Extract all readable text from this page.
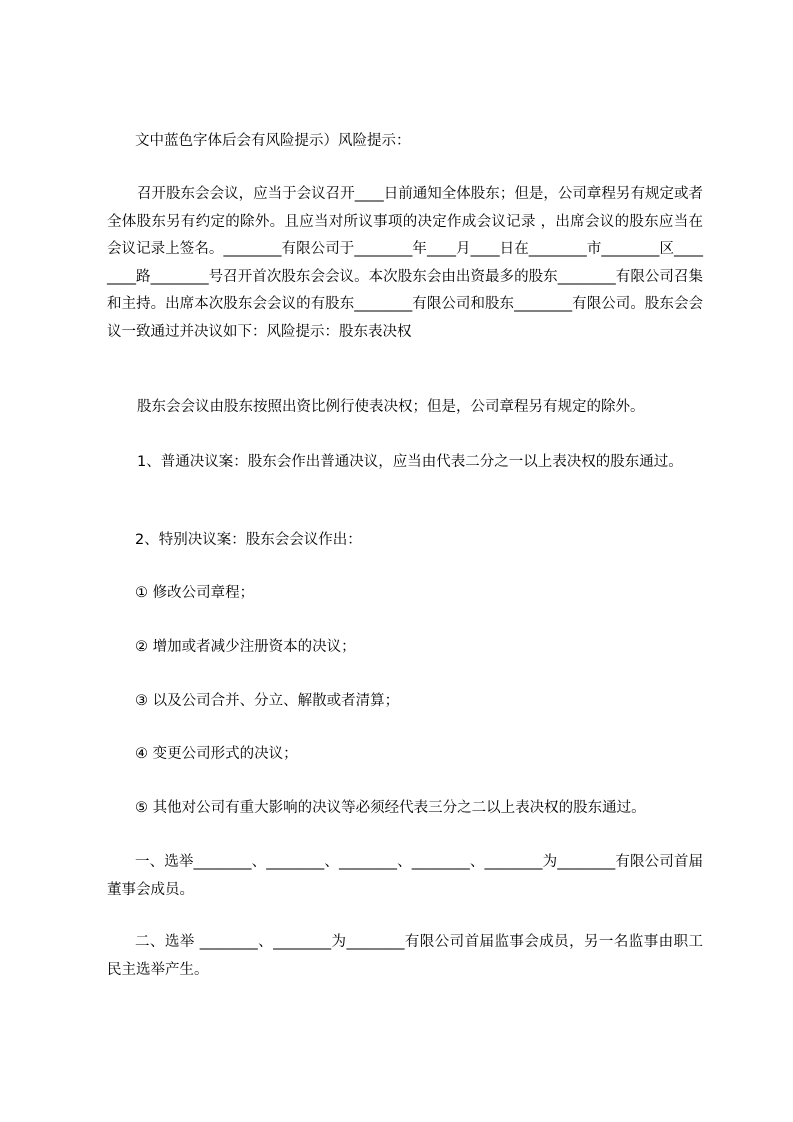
文中蓝色字体后会有风险提示）风险提示：

召开股东会会议，应当于会议召开____日前通知全体股东；但是，公司章程另有规定或者全体股东另有约定的除外。且应当对所议事项的决定作成会议记录 ，出席会议的股东应当在会议记录上签名。________有限公司于________年____月____日在________市________区________路________号召开首次股东会会议。本次股东会由出资最多的股东________有限公司召集和主持。出席本次股东会会议的有股东________有限公司和股东________有限公司。股东会会议一致通过并决议如下：风险提示：股东表决权

股东会会议由股东按照出资比例行使表决权；但是，公司章程另有规定的除外。

1、普通决议案：股东会作出普通决议，应当由代表二分之一以上表决权的股东通过。

2、特别决议案：股东会会议作出：

① 修改公司章程；

② 增加或者减少注册资本的决议；

③ 以及公司合并、分立、解散或者清算；

④ 变更公司形式的决议；

⑤ 其他对公司有重大影响的决议等必须经代表三分之二以上表决权的股东通过。

一、选举________、________、________、________、________为________有限公司首届董事会成员。

二、选举 ________、________为________有限公司首届监事会成员，另一名监事由职工民主选举产生。
